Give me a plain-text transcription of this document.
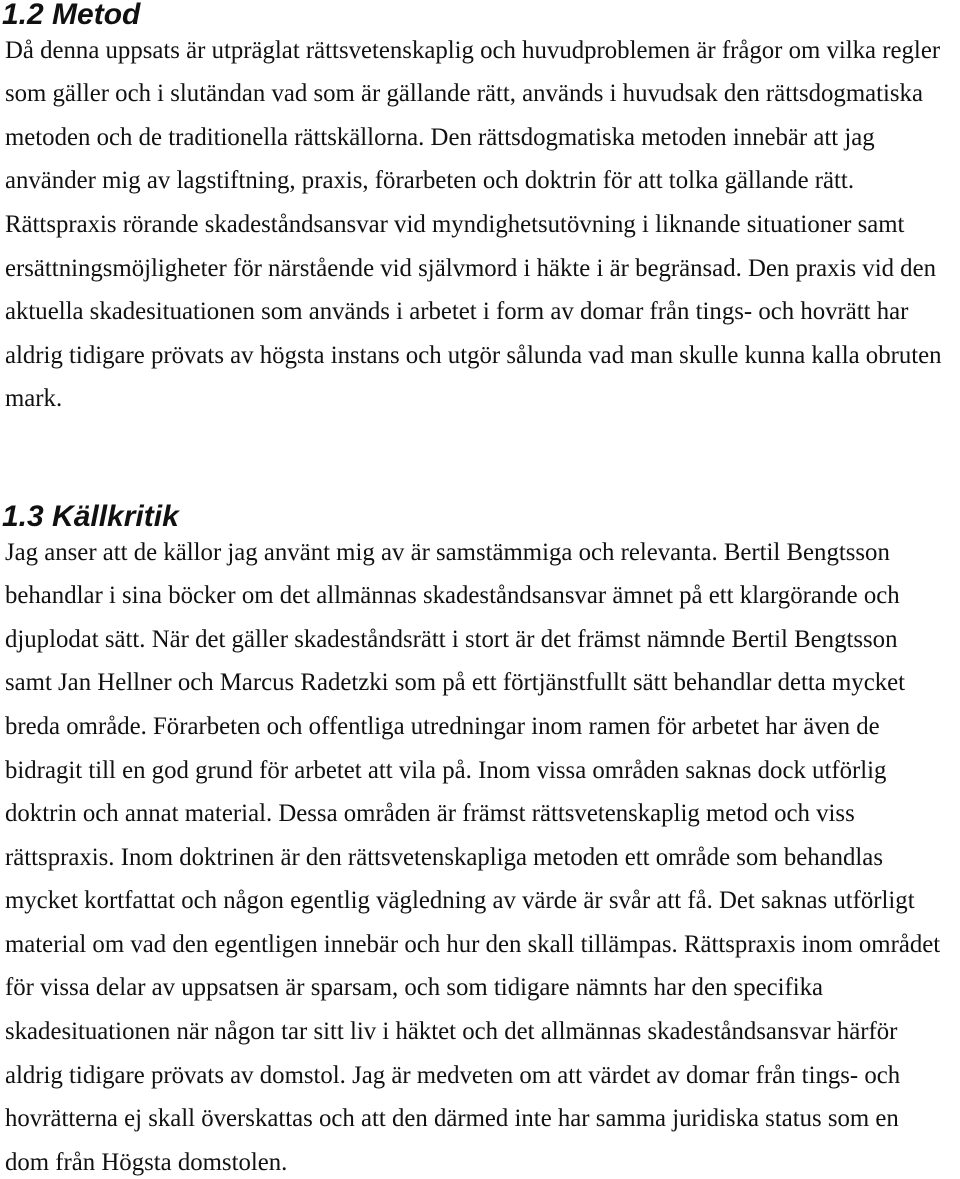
1.2 Metod
Då denna uppsats är utpräglat rättsvetenskaplig och huvudproblemen är frågor om vilka regler
som gäller och i slutändan vad som är gällande rätt, används i huvudsak den rättsdogmatiska
metoden och de traditionella rättskällorna. Den rättsdogmatiska metoden innebär att jag
använder mig av lagstiftning, praxis, förarbeten och doktrin för att tolka gällande rätt.
Rättspraxis rörande skadeståndsansvar vid myndighetsutövning i liknande situationer samt
ersättningsmöjligheter för närstående vid självmord i häkte i är begränsad. Den praxis vid den
aktuella skadesituationen som används i arbetet i form av domar från tings- och hovrätt har
aldrig tidigare prövats av högsta instans och utgör sålunda vad man skulle kunna kalla obruten
mark.
1.3 Källkritik
Jag anser att de källor jag använt mig av är samstämmiga och relevanta. Bertil Bengtsson
behandlar i sina böcker om det allmännas skadeståndsansvar ämnet på ett klargörande och
djuplodat sätt. När det gäller skadeståndsrätt i stort är det främst nämnde Bertil Bengtsson
samt Jan Hellner och Marcus Radetzki som på ett förtjänstfullt sätt behandlar detta mycket
breda område. Förarbeten och offentliga utredningar inom ramen för arbetet har även de
bidragit till en god grund för arbetet att vila på. Inom vissa områden saknas dock utförlig
doktrin och annat material. Dessa områden är främst rättsvetenskaplig metod och viss
rättspraxis. Inom doktrinen är den rättsvetenskapliga metoden ett område som behandlas
mycket kortfattat och någon egentlig vägledning av värde är svår att få. Det saknas utförligt
material om vad den egentligen innebär och hur den skall tillämpas. Rättspraxis inom området
för vissa delar av uppsatsen är sparsam, och som tidigare nämnts har den specifika
skadesituationen när någon tar sitt liv i häktet och det allmännas skadeståndsansvar härför
aldrig tidigare prövats av domstol. Jag är medveten om att värdet av domar från tings- och
hovrätterna ej skall överskattas och att den därmed inte har samma juridiska status som en
dom från Högsta domstolen.
